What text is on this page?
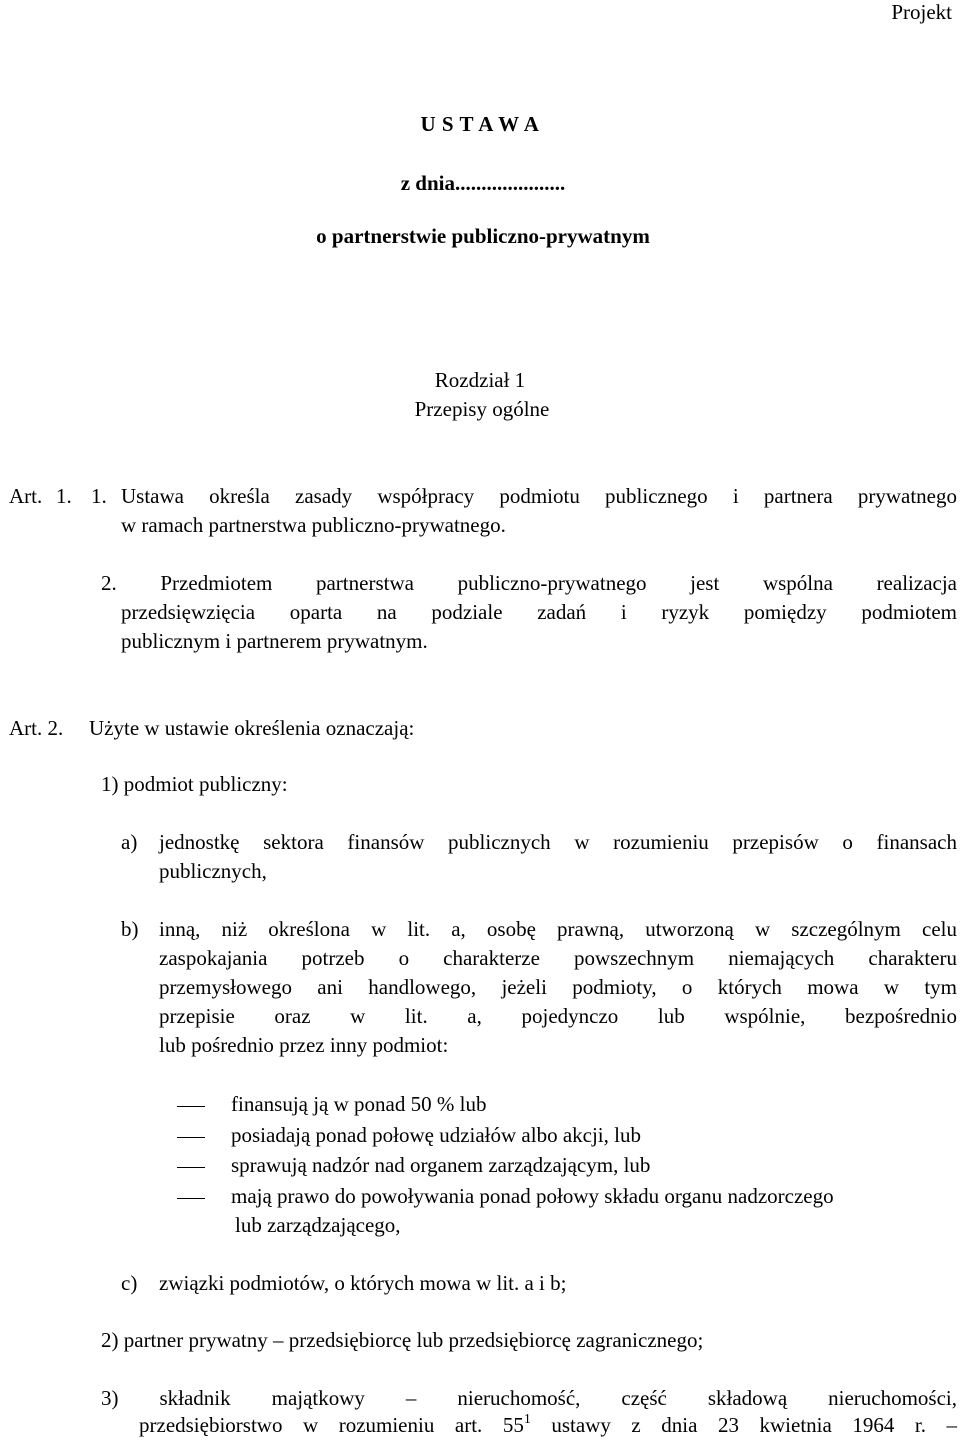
Projekt
U S T A W A
z dnia.....................
o partnerstwie publiczno-prywatnym
Rozdział 1
Przepisy ogólne
Art. 1. 1. Ustawa określa zasady współpracy podmiotu publicznego i partnera prywatnego
w ramach partnerstwa publiczno-prywatnego.
2. Przedmiotem partnerstwa publiczno-prywatnego jest wspólna realizacja
przedsięwzięcia oparta na podziale zadań i ryzyk pomiędzy podmiotem
publicznym i partnerem prywatnym.
Art. 2. Użyte w ustawie określenia oznaczają:
1) podmiot publiczny:
a) jednostkę sektora finansów publicznych w rozumieniu przepisów o finansach
publicznych,
b) inną, niż określona w lit. a, osobę prawną, utworzoną w szczególnym celu
zaspokajania potrzeb o charakterze powszechnym niemających charakteru
przemysłowego ani handlowego, jeżeli podmioty, o których mowa w tym
przepisie oraz w lit. a, pojedynczo lub wspólnie, bezpośrednio
lub pośrednio przez inny podmiot:
finansują ją w ponad 50 % lub
posiadają ponad połowę udziałów albo akcji, lub
sprawują nadzór nad organem zarządzającym, lub
mają prawo do powoływania ponad połowy składu organu nadzorczego
lub zarządzającego,
c) związki podmiotów, o których mowa w lit. a i b;
2) partner prywatny – przedsiębiorcę lub przedsiębiorcę zagranicznego;
3) składnik majątkowy – nieruchomość, część składową nieruchomości,
przedsiębiorstwo w rozumieniu art. $55^1$ ustawy z dnia 23 kwietnia 1964 r. –
